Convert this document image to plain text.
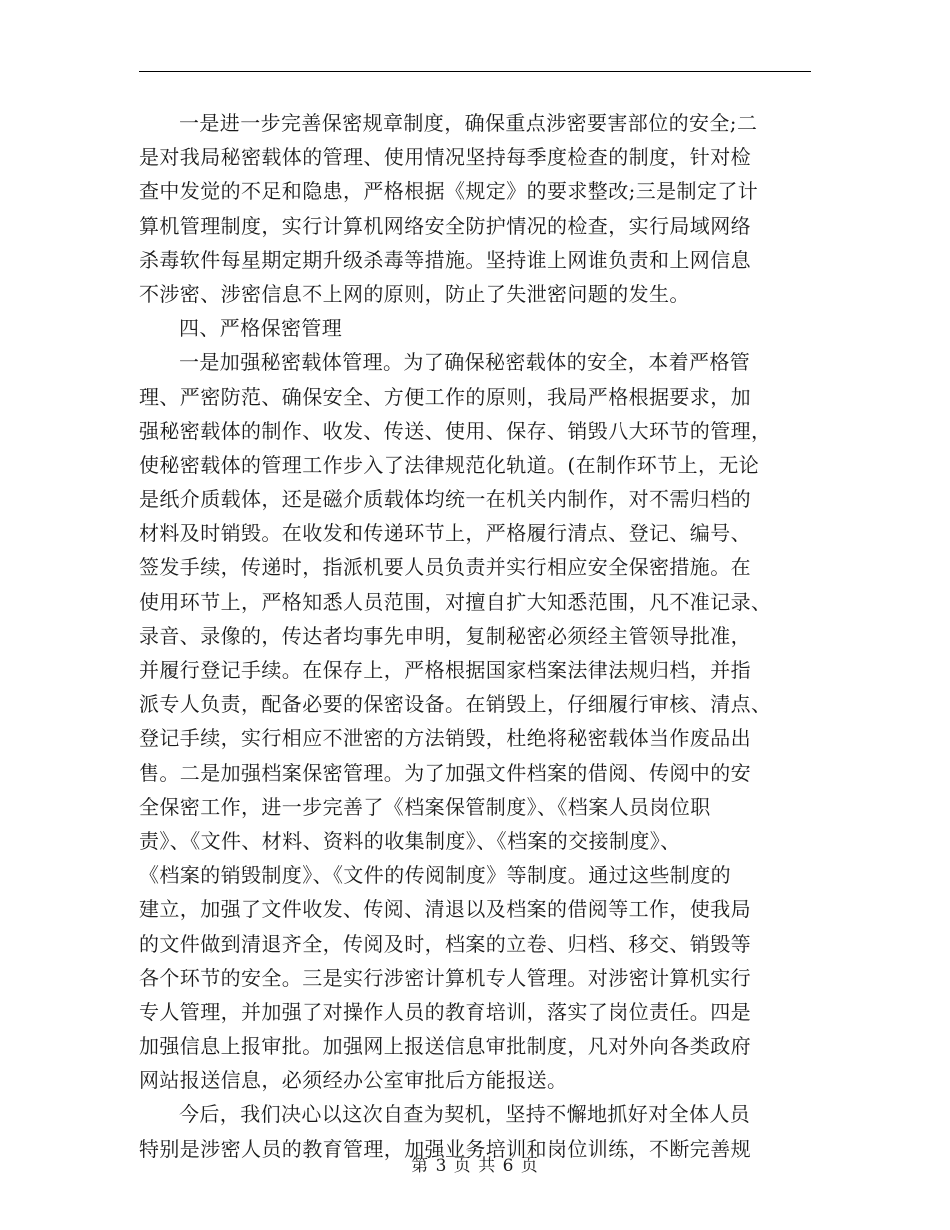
一是进一步完善保密规章制度，确保重点涉密要害部位的安全;二
是对我局秘密载体的管理、使用情况坚持每季度检查的制度，针对检
查中发觉的不足和隐患，严格根据《规定》的要求整改;三是制定了计
算机管理制度，实行计算机网络安全防护情况的检查，实行局域网络
杀毒软件每星期定期升级杀毒等措施。坚持谁上网谁负责和上网信息
不涉密、涉密信息不上网的原则，防止了失泄密问题的发生。
四、严格保密管理
一是加强秘密载体管理。为了确保秘密载体的安全，本着严格管
理、严密防范、确保安全、方便工作的原则，我局严格根据要求，加
强秘密载体的制作、收发、传送、使用、保存、销毁八大环节的管理，
使秘密载体的管理工作步入了法律规范化轨道。(在制作环节上，无论
是纸介质载体，还是磁介质载体均统一在机关内制作，对不需归档的
材料及时销毁。在收发和传递环节上，严格履行清点、登记、编号、
签发手续，传递时，指派机要人员负责并实行相应安全保密措施。在
使用环节上，严格知悉人员范围，对擅自扩大知悉范围，凡不准记录、
录音、录像的，传达者均事先申明，复制秘密必须经主管领导批准，
并履行登记手续。在保存上，严格根据国家档案法律法规归档，并指
派专人负责，配备必要的保密设备。在销毁上，仔细履行审核、清点、
登记手续，实行相应不泄密的方法销毁，杜绝将秘密载体当作废品出
售。二是加强档案保密管理。为了加强文件档案的借阅、传阅中的安
全保密工作，进一步完善了《档案保管制度》、《档案人员岗位职
责》、《文件、材料、资料的收集制度》、《档案的交接制度》、
《档案的销毁制度》、《文件的传阅制度》等制度。通过这些制度的
建立，加强了文件收发、传阅、清退以及档案的借阅等工作，使我局
的文件做到清退齐全，传阅及时，档案的立卷、归档、移交、销毁等
各个环节的安全。三是实行涉密计算机专人管理。对涉密计算机实行
专人管理，并加强了对操作人员的教育培训，落实了岗位责任。四是
加强信息上报审批。加强网上报送信息审批制度，凡对外向各类政府
网站报送信息，必须经办公室审批后方能报送。
今后，我们决心以这次自查为契机，坚持不懈地抓好对全体人员
特别是涉密人员的教育管理，加强业务培训和岗位训练，不断完善规
第 3 页 共 6 页
